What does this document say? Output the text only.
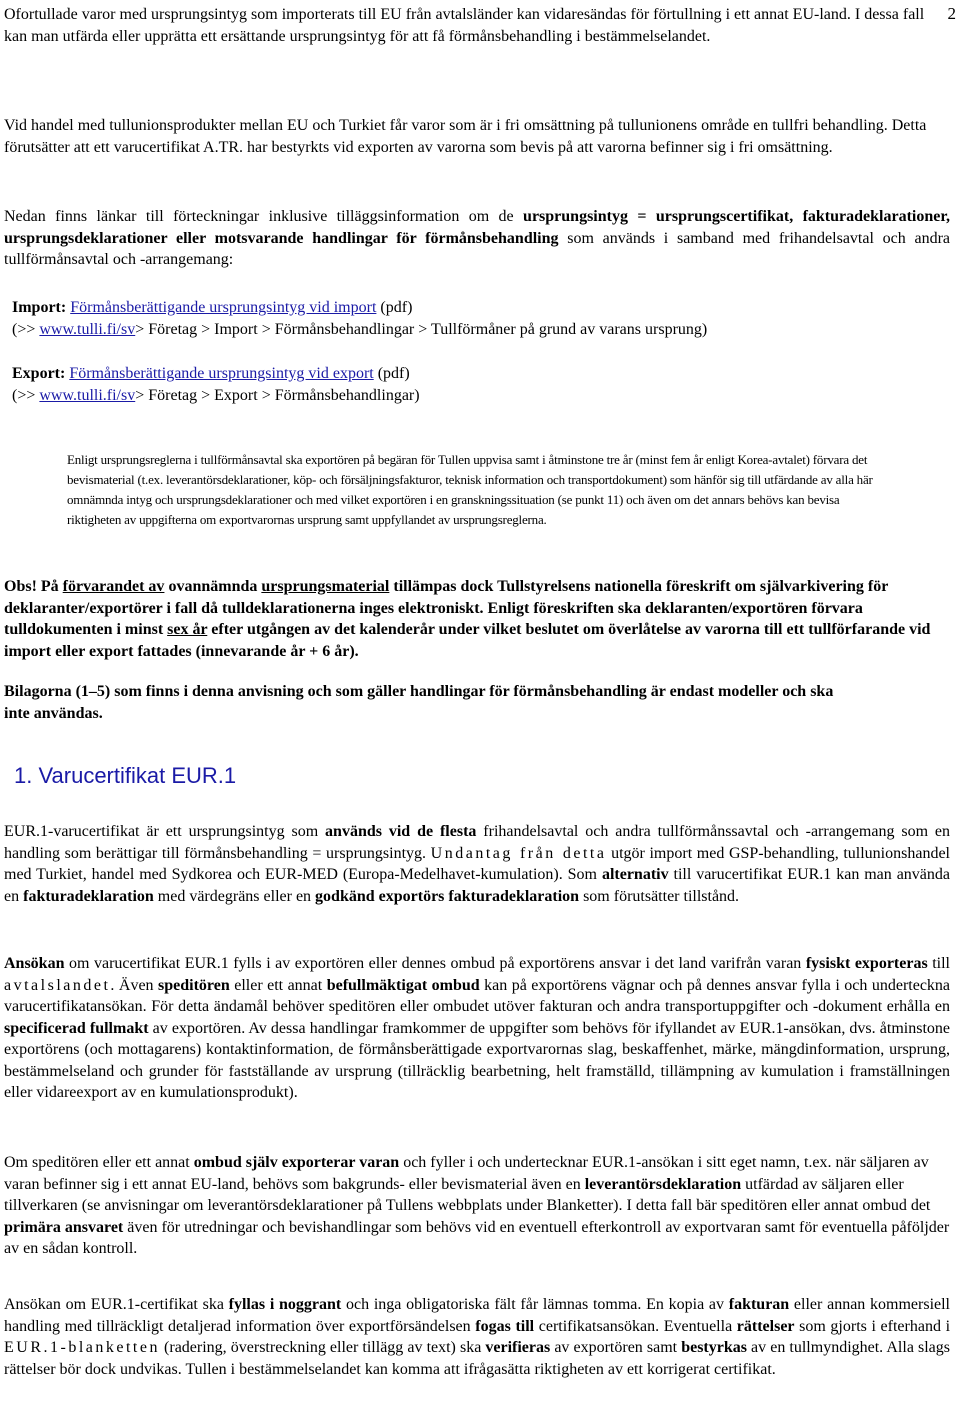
2

Ofortullade varor med ursprungsintyg som importerats till EU från avtalsländer kan vidaresändas för förtullning i ett annat EU-land. I dessa fall kan man utfärda eller upprätta ett ersättande ursprungsintyg för att få förmånsbehandling i bestämmelselandet.

Vid handel med tullunionsprodukter mellan EU och Turkiet får varor som är i fri omsättning på tullunionens område en tullfri behandling. Detta förutsätter att ett varucertifikat A.TR. har bestyrkts vid exporten av varorna som bevis på att varorna befinner sig i fri omsättning.

Nedan finns länkar till förteckningar inklusive tilläggsinformation om de ursprungsintyg = ursprungscertifikat, fakturadeklarationer, ursprungsdeklarationer eller motsvarande handlingar för förmånsbehandling som används i samband med frihandelsavtal och andra tullförmånsavtal och -arrangemang:

Import: Förmånsberättigande ursprungsintyg vid import (pdf)

(>> www.tulli.fi/sv> Företag > Import > Förmånsbehandlingar > Tullförmåner på grund av varans ursprung)

Export: Förmånsberättigande ursprungsintyg vid export (pdf)

(>> www.tulli.fi/sv> Företag > Export > Förmånsbehandlingar)

Enligt ursprungsreglerna i tullförmånsavtal ska exportören på begäran för Tullen uppvisa samt i åtminstone tre år (minst fem år enligt Korea-avtalet) förvara det bevismaterial (t.ex. leverantörsdeklarationer, köp- och försäljningsfakturor, teknisk information och transportdokument) som hänför sig till utfärdande av alla här omnämnda intyg och ursprungsdeklarationer och med vilket exportören i en granskningssituation (se punkt 11) och även om det annars behövs kan bevisa riktigheten av uppgifterna om exportvarornas ursprung samt uppfyllandet av ursprungsreglerna.

Obs! På förvarandet av ovannämnda ursprungsmaterial tillämpas dock Tullstyrelsens nationella föreskrift om självarkivering för deklaranter/exportörer i fall då tulldeklarationerna inges elektroniskt. Enligt föreskriften ska deklaranten/exportören förvara tulldokumenten i minst sex år efter utgången av det kalenderår under vilket beslutet om överlåtelse av varorna till ett tullförfarande vid import eller export fattades (innevarande år + 6 år).

Bilagorna (1–5) som finns i denna anvisning och som gäller handlingar för förmånsbehandling är endast modeller och ska inte användas.

1. Varucertifikat EUR.1

EUR.1-varucertifikat är ett ursprungsintyg som används vid de flesta frihandelsavtal och andra tullförmånssavtal och -arrangemang som en handling som berättigar till förmånsbehandling = ursprungsintyg. Undantag från detta utgör import med GSP-behandling, tullunionshandel med Turkiet, handel med Sydkorea och EUR-MED (Europa-Medelhavet-kumulation). Som alternativ till varucertifikat EUR.1 kan man använda en fakturadeklaration med värdegräns eller en godkänd exportörs fakturadeklaration som förutsätter tillstånd.

Ansökan om varucertifikat EUR.1 fylls i av exportören eller dennes ombud på exportörens ansvar i det land varifrån varan fysiskt exporteras till avtalslandet. Även speditören eller ett annat befullmäktigat ombud kan på exportörens vägnar och på dennes ansvar fylla i och underteckna varucertifikatansökan. För detta ändamål behöver speditören eller ombudet utöver fakturan och andra transportuppgifter och -dokument erhålla en specificerad fullmakt av exportören. Av dessa handlingar framkommer de uppgifter som behövs för ifyllandet av EUR.1-ansökan, dvs. åtminstone exportörens (och mottagarens) kontaktinformation, de förmånsberättigade exportvarornas slag, beskaffenhet, märke, mängdinformation, ursprung, bestämmelseland och grunder för fastställande av ursprung (tillräcklig bearbetning, helt framställd, tillämpning av kumulation i framställningen eller vidareexport av en kumulationsprodukt).

Om speditören eller ett annat ombud själv exporterar varan och fyller i och undertecknar EUR.1-ansökan i sitt eget namn, t.ex. när säljaren av varan befinner sig i ett annat EU-land, behövs som bakgrunds- eller bevismaterial även en leverantörsdeklaration utfärdad av säljaren eller tillverkaren (se anvisningar om leverantörsdeklarationer på Tullens webbplats under Blanketter). I detta fall bär speditören eller annat ombud det primära ansvaret även för utredningar och bevishandlingar som behövs vid en eventuell efterkontroll av exportvaran samt för eventuella påföljder av en sådan kontroll.

Ansökan om EUR.1-certifikat ska fyllas i noggrant och inga obligatoriska fält får lämnas tomma. En kopia av fakturan eller annan kommersiell handling med tillräckligt detaljerad information över exportförsändelsen fogas till certifikatsansökan. Eventuella rättelser som gjorts i efterhand i EUR.1-blanketten (radering, överstreckning eller tillägg av text) ska verifieras av exportören samt bestyrkas av en tullmyndighet. Alla slags rättelser bör dock undvikas. Tullen i bestämmelselandet kan komma att ifrågasätta riktigheten av ett korrigerat certifikat.
